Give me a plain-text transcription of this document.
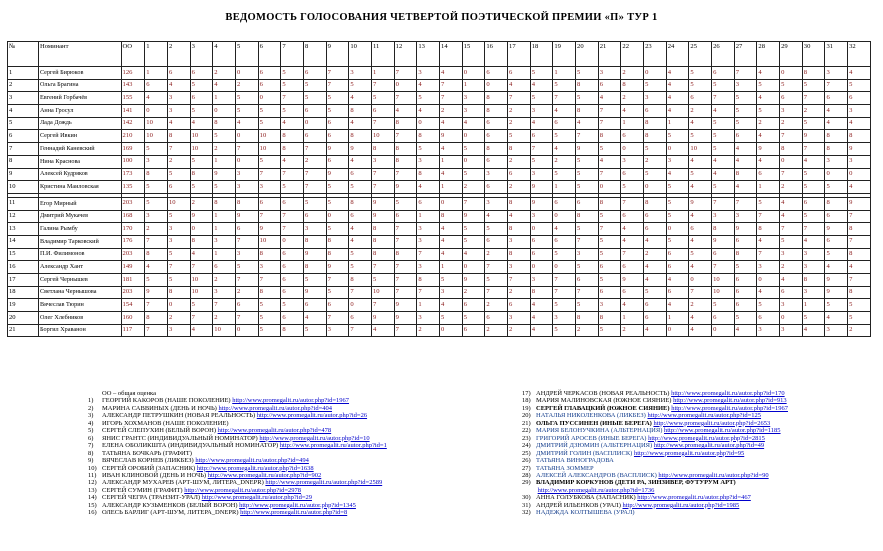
ВЕДОМОСТЬ ГОЛОСОВАНИЯ ЧЕТВЕРТОЙ ПОЭТИЧЕСКОЙ ПРЕМИИ «П» ТУР 1
№	Номинант	ОО	1	2	3	4	5	6	7	8	9	10	11	12	13	14	15	16	17	18	19	20	21	22	23	24	25	26	27	28	29	30	31	32
1	Сергей Бирюков	126	1	6	6	2	0	6	5	6	7	3	1	7	3	4	0	6	6	5	1	5	3	2	0	4	5	6	7	4	0	8	3	4
2	Ольга Брагина	143	6	4	5	4	2	6	5	5	7	5	7	0	4	7	1	0	4	4	5	8	6	8	5	4	5	5	3	5	5	5	7	5
3	Евгений Горбачёв	155	4	3	6	1	5	0	7	5	5	4	5	7	5	7	3	8	7	5	7	5	4	2	3	4	6	7	5	4	6	7	6	6
4	Анна Гросул	141	0	3	5	0	5	5	5	6	5	8	6	4	4	2	3	8	2	3	4	8	7	4	6	4	2	4	5	5	3	2	4	3
5	Лада Дождь	142	10	4	4	8	4	5	4	0	6	4	7	8	0	4	4	6	2	4	6	4	7	1	8	1	4	5	5	2	2	5	4	4
6	Сергей Ивкин	210	10	8	10	5	0	10	8	6	6	8	10	7	8	9	0	6	5	6	5	7	8	6	8	5	5	5	6	4	7	9	8	8
7	Геннадий Каневский	169	5	7	10	2	7	10	8	7	9	9	8	8	5	4	5	8	8	7	4	9	5	0	5	0	10	5	4	9	8	7	8	9
8	Нина Краснова	100	3	2	5	1	0	5	4	2	6	4	3	8	3	1	0	6	2	5	2	5	4	3	2	3	4	4	4	4	0	4	3	3
9	Алексей Кудряков	173	8	5	8	9	3	7	7	7	9	6	7	7	8	4	5	3	6	3	5	5	7	6	5	4	5	4	8	6	7	5	0	0
10	Кристина Маиловская	135	5	6	5	5	3	3	5	7	5	5	7	9	4	1	2	6	2	9	1	5	0	5	0	5	4	5	4	1	2	5	5	4

11	Егор Мирный	203	5	10	2	8	8	6	6	5	5	8	9	5	6	0	7	3	8	9	6	6	8	7	8	5	9	7	7	5	4	6	8	9
12	Дмитрий Мукачев	168	3	5	9	1	9	7	7	6	0	6	9	6	1	8	9	4	4	3	0	8	5	6	6	5	4	3	3	7	4	5	6	7
13	Галина Рымбу	170	2	3	0	1	6	9	7	3	5	4	8	7	3	4	5	5	8	0	4	5	7	4	6	0	6	8	9	8	7	7	9	8
14	Владимир Тарковский	176	7	3	8	3	7	10	0	8	8	4	8	7	3	4	5	6	3	6	6	7	5	4	4	5	4	9	6	4	5	4	6	7
15	П.И. Филимонов	203	8	5	4	1	3	8	6	9	8	5	8	8	7	4	4	2	8	6	5	3	5	7	2	6	5	6	8	7	3	3	5	8
16	Александр Хант	149	4	7	7	6	5	3	6	8	9	5	7	7	3	1	0	7	3	0	0	5	6	6	4	6	4	7	5	3	2	3	4	4
17	Сергей Чернышев	181	5	5	10	2	7	7	6	5	7	8	5	7	8	5	9	5	7	3	7	6	5	9	4	4	0	10	6	0	4	8	9	7
18	Светлана Чернышова	203	9	8	10	3	2	8	6	9	5	7	10	7	7	3	2	7	2	8	7	7	6	6	5	6	7	10	6	4	6	3	9	8
19	Вячеслав Тюрин	154	7	0	5	7	6	5	5	6	6	0	7	9	1	4	6	2	6	4	5	5	3	4	6	4	2	5	6	5	3	1	5	5
20	Олег Хлебников	160	8	2	7	2	7	5	6	4	7	6	9	9	3	5	5	6	3	4	3	8	8	1	6	1	4	6	5	6	0	5	4	5
21	Боргил Храванон	117	7	3	4	10	0	5	8	5	3	7	4	7	2	0	6	2	2	4	5	2	5	2	4	0	4	0	4	3	3	4	3	2
ОО – общая оценка
1) ГЕОРГИЙ КАКОРОВ (НАШЕ ПОКОЛЕНИЕ) http://www.promegalit.ru/autor.php?id=1967
2) МАРИНА САВВИНЫХ (ДЕНЬ И НОЧЬ) http://www.promegalit.ru/autor.php?id=404
3) АЛЕКСАНДР ПЕТРУШКИН (НОВАЯ РЕАЛЬНОСТЬ) http://www.promegalit.ru/autor.php?id=26
4) ИГОРЬ ХОХМАНОВ (НАШЕ ПОКОЛЕНИЕ)
5) СЕРГЕЙ СЛЕПУХИН (БЕЛЫЙ ВОРОН) http://www.promegalit.ru/autor.php?id=478
6) ЯНИС ГРАНТС (ИНДИВИДУАЛЬНЫЙ НОМИНАТОР) http://www.promegalit.ru/autor.php?id=10
7) ЕЛЕНА ОБОЛИКШТА (ИНДИВИДУАЛЬНЫЙ НОМИНАТОР) http://www.promegalit.ru/autor.php?id=1
8) ТАТЬЯНА БОЧКАРЬ (ГРАФИТ)
9) ВЯЧЕСЛАВ КОРНЕВ (ЛИКБЕЗ) http://www.promegalit.ru/autor.php?id=494
10) СЕРГЕЙ ОРОБИЙ (ЗАПАСНИК) http://www.promegalit.ru/autor.php?id=1638
11) ИВАН КЛИНОВОЙ (ДЕНЬ И НОЧЬ) http://www.promegalit.ru/autor.php?id=902
12) АЛЕКСАНДР МУХАРЕВ (АРТ-ШУМ, ЛИТЕРА_DNEPR) http://www.promegalit.ru/autor.php?id=2589
13) СЕРГЕЙ СУМИН (ГРАФИТ) http://www.promegalit.ru/autor.php?id=2978
14) СЕРГЕЙ ЧЕГРА (ТРАНЗИТ-УРАЛ) http://www.promegalit.ru/autor.php?id=29
15) АЛЕКСАНДР КУЗЬМЕНКОВ (БЕЛЫЙ ВОРОН) http://www.promegalit.ru/autor.php?id=1345
16) ОЛЕСЬ БАРЛИГ (АРТ-ШУМ, ЛИТЕРА_DNEPR) http://www.promegalit.ru/autor.php?id=8
17) АНДРЕЙ ЧЕРКАСОВ (НОВАЯ РЕАЛЬНОСТЬ) http://www.promegalit.ru/autor.php?id=170
18) МАРИЯ МАЛИНОВСКАЯ (ЮЖНОЕ СИЯНИЕ) http://www.promegalit.ru/autor.php?id=913
19) СЕРГЕЙ ГЛАВАЦКИЙ (ЮЖНОЕ СИЯНИЕ) http://www.promegalit.ru/autor.php?id=1967
20) НАТАЛЬЯ НИКОЛЕНКОВА (ЛИКБЕЗ) http://www.promegalit.ru/autor.php?id=125
21) ОЛЬГА ПУССИНЕН (ИНЫЕ БЕРЕГА) http://www.promegalit.ru/autor.php?id=2653
22) МАРИЯ БЕЛОНУЧКИНА (АЛЬТЕРНАЦИЯ) http://www.promegalit.ru/autor.php?id=1185
23) ГРИГОРИЙ АРОСЕВ (ИНЫЕ БЕРЕГА) http://www.promegalit.ru/autor.php?id=2815
24) ДМИТРИЙ ДЗЮМИН (АЛЬТЕРНАЦИЯ) http://www.promegalit.ru/autor.php?id=49
25) ДМИТРИЙ ГОЛИН (ВАСПЛИСК) http://www.promegalit.ru/autor.php?id=95
26) ТАТЬЯНА ВИНОГРАДОВА
27) ТАТЬЯНА ЗОММЕР
28) АЛЕКСЕЙ АЛЕКСАНДРОВ (ВАСПЛИСК) http://www.promegalit.ru/autor.php?id=90
29) ВЛАДИМИР КОРКУНОВ (ДЕТИ РА, ЗИНЗИВЕР, ФУТУРУМ АРТ)
http://www.promegalit.ru/autor.php?id=1736
30) АННА ГОЛУБКОВА (ЗАПАСНИК) http://www.promegalit.ru/autor.php?id=467
31) АНДРЕЙ ИЛЬЕНКОВ (УРАЛ) http://www.promegalit.ru/autor.php?id=1985
32) НАДЕЖДА КОЛТЫШЕВА (УРАЛ)
